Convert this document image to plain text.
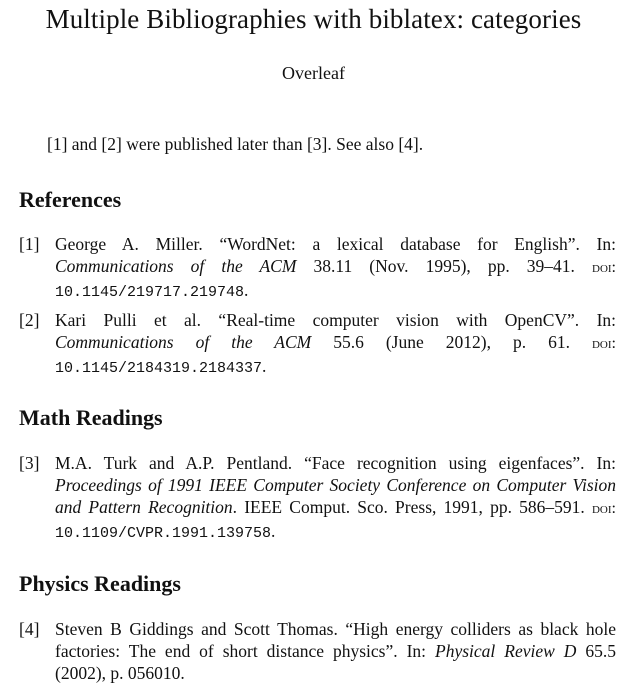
Multiple Bibliographies with biblatex: categories
Overleaf
[1] and [2] were published later than [3]. See also [4].
References
[1] George A. Miller. “WordNet: a lexical database for English”. In: Communications of the ACM 38.11 (Nov. 1995), pp. 39–41. doi: 10.1145/219717.219748.
[2] Kari Pulli et al. “Real-time computer vision with OpenCV”. In: Communications of the ACM 55.6 (June 2012), p. 61. doi: 10.1145/2184319.2184337.
Math Readings
[3] M.A. Turk and A.P. Pentland. “Face recognition using eigenfaces”. In: Proceedings of 1991 IEEE Computer Society Conference on Computer Vision and Pattern Recognition. IEEE Comput. Sco. Press, 1991, pp. 586–591. doi: 10.1109/CVPR.1991.139758.
Physics Readings
[4] Steven B Giddings and Scott Thomas. “High energy colliders as black hole factories: The end of short distance physics”. In: Physical Review D 65.5 (2002), p. 056010.
